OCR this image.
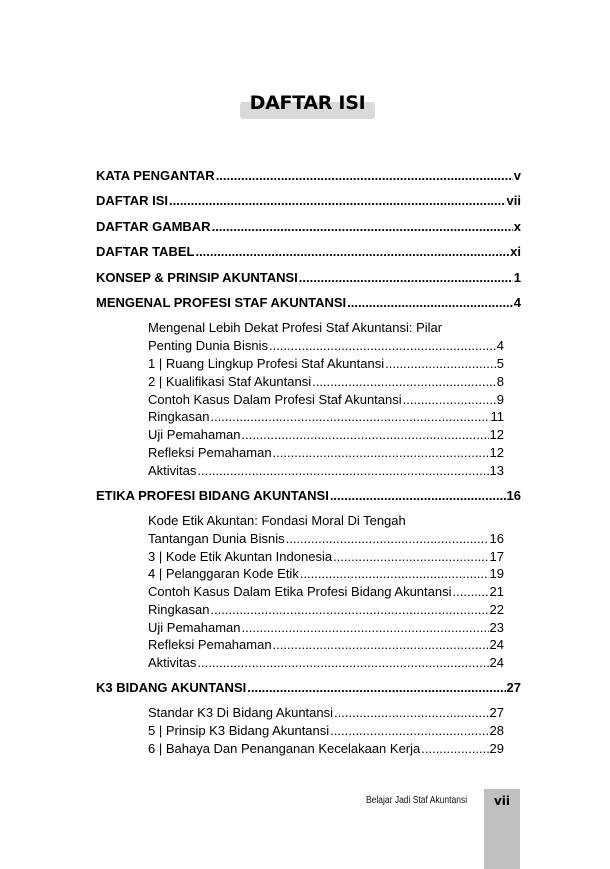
DAFTAR ISI
KATA PENGANTAR .....	v
DAFTAR ISI .....	vii
DAFTAR GAMBAR .....	x
DAFTAR TABEL .....	xi
KONSEP & PRINSIP AKUNTANSI .....	1
MENGENAL PROFESI STAF AKUNTANSI .....	4
Mengenal Lebih Dekat Profesi Staf Akuntansi: Pilar
Penting Dunia Bisnis .....	4
1 | Ruang Lingkup Profesi Staf Akuntansi .....	5
2 | Kualifikasi Staf Akuntansi .....	8
Contoh Kasus Dalam Profesi Staf Akuntansi .....	9
Ringkasan .....	11
Uji Pemahaman .....	12
Refleksi Pemahaman .....	12
Aktivitas .....	13
ETIKA PROFESI BIDANG AKUNTANSI .....	16
Kode Etik Akuntan: Fondasi Moral Di Tengah
Tantangan Dunia Bisnis .....	16
3 | Kode Etik Akuntan Indonesia .....	17
4 | Pelanggaran Kode Etik .....	19
Contoh Kasus Dalam Etika Profesi Bidang Akuntansi .....	21
Ringkasan .....	22
Uji Pemahaman .....	23
Refleksi Pemahaman .....	24
Aktivitas .....	24
K3 BIDANG AKUNTANSI .....	27
Standar K3 Di Bidang Akuntansi .....	27
5 | Prinsip K3 Bidang Akuntansi .....	28
6 | Bahaya Dan Penanganan Kecelakaan Kerja .....	29
Belajar Jadi Staf Akuntansi	vii
